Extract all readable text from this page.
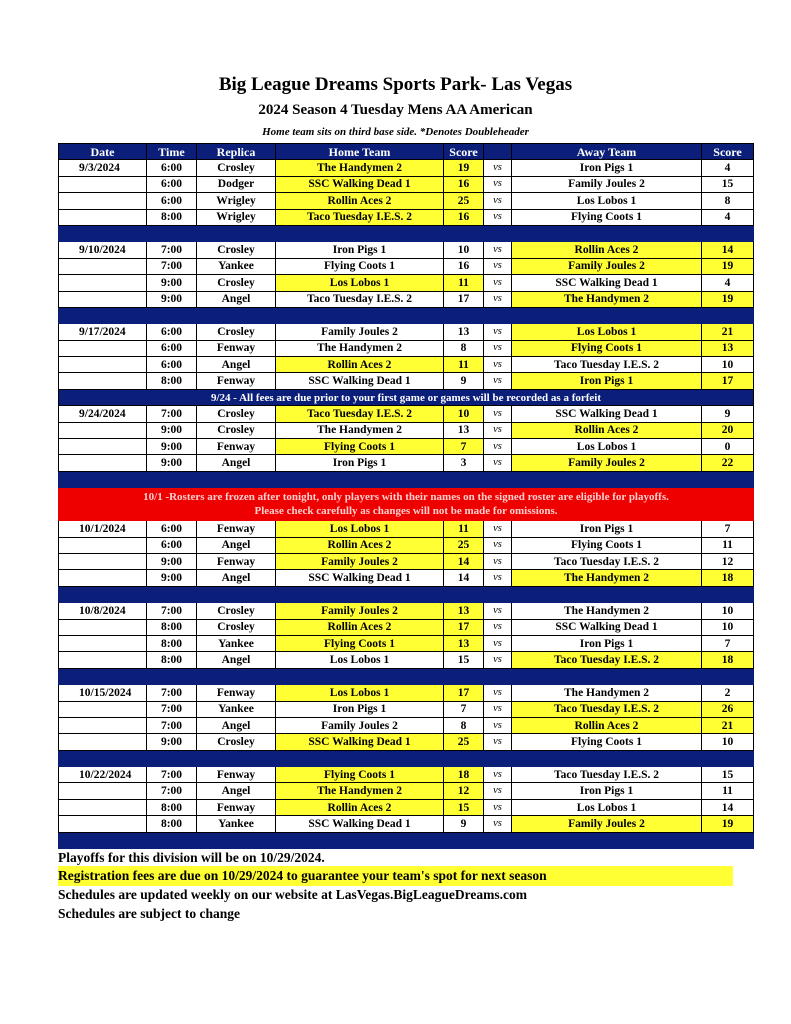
Big League Dreams Sports Park- Las Vegas
2024 Season 4 Tuesday Mens AA American
Home team sits on third base side. *Denotes Doubleheader
Date	Time	Replica	Home Team	Score		Away Team	Score
9/3/2024	6:00	Crosley	The Handymen 2	19	vs	Iron Pigs 1	4
	6:00	Dodger	SSC Walking Dead 1	16	vs	Family Joules 2	15
	6:00	Wrigley	Rollin Aces 2	25	vs	Los Lobos 1	8
	8:00	Wrigley	Taco Tuesday I.E.S. 2	16	vs	Flying Coots 1	4

9/10/2024	7:00	Crosley	Iron Pigs 1	10	vs	Rollin Aces 2	14
	7:00	Yankee	Flying Coots 1	16	vs	Family Joules 2	19
	9:00	Crosley	Los Lobos 1	11	vs	SSC Walking Dead 1	4
	9:00	Angel	Taco Tuesday I.E.S. 2	17	vs	The Handymen 2	19

9/17/2024	6:00	Crosley	Family Joules 2	13	vs	Los Lobos 1	21
	6:00	Fenway	The Handymen 2	8	vs	Flying Coots 1	13
	6:00	Angel	Rollin Aces 2	11	vs	Taco Tuesday I.E.S. 2	10
	8:00	Fenway	SSC Walking Dead 1	9	vs	Iron Pigs 1	17
9/24 - All fees are due prior to your first game or games will be recorded as a forfeit							
9/24/2024	7:00	Crosley	Taco Tuesday I.E.S. 2	10	vs	SSC Walking Dead 1	9
	9:00	Crosley	The Handymen 2	13	vs	Rollin Aces 2	20
	9:00	Fenway	Flying Coots 1	7	vs	Los Lobos 1	0
	9:00	Angel	Iron Pigs 1	3	vs	Family Joules 2	22

10/1 -Rosters are frozen after tonight, only players with their names on the signed roster are eligible for playoffs.
Please check carefully as changes will not be made for omissions.							

10/1/2024	6:00	Fenway	Los Lobos 1	11	vs	Iron Pigs 1	7
	6:00	Angel	Rollin Aces 2	25	vs	Flying Coots 1	11
	9:00	Fenway	Family Joules 2	14	vs	Taco Tuesday I.E.S. 2	12
	9:00	Angel	SSC Walking Dead 1	14	vs	The Handymen 2	18

10/8/2024	7:00	Crosley	Family Joules 2	13	vs	The Handymen 2	10
	8:00	Crosley	Rollin Aces 2	17	vs	SSC Walking Dead 1	10
	8:00	Yankee	Flying Coots 1	13	vs	Iron Pigs 1	7
	8:00	Angel	Los Lobos 1	15	vs	Taco Tuesday I.E.S. 2	18

10/15/2024	7:00	Fenway	Los Lobos 1	17	vs	The Handymen 2	2
	7:00	Yankee	Iron Pigs 1	7	vs	Taco Tuesday I.E.S. 2	26
	7:00	Angel	Family Joules 2	8	vs	Rollin Aces 2	21
	9:00	Crosley	SSC Walking Dead 1	25	vs	Flying Coots 1	10

10/22/2024	7:00	Fenway	Flying Coots 1	18	vs	Taco Tuesday I.E.S. 2	15
	7:00	Angel	The Handymen 2	12	vs	Iron Pigs 1	11
	8:00	Fenway	Rollin Aces 2	15	vs	Los Lobos 1	14
	8:00	Yankee	SSC Walking Dead 1	9	vs	Family Joules 2	19

Playoffs for this division will be on 10/29/2024.
Registration fees are due on 10/29/2024 to guarantee your team's spot for next season
Schedules are updated weekly on our website at LasVegas.BigLeagueDreams.com
Schedules are subject to change
